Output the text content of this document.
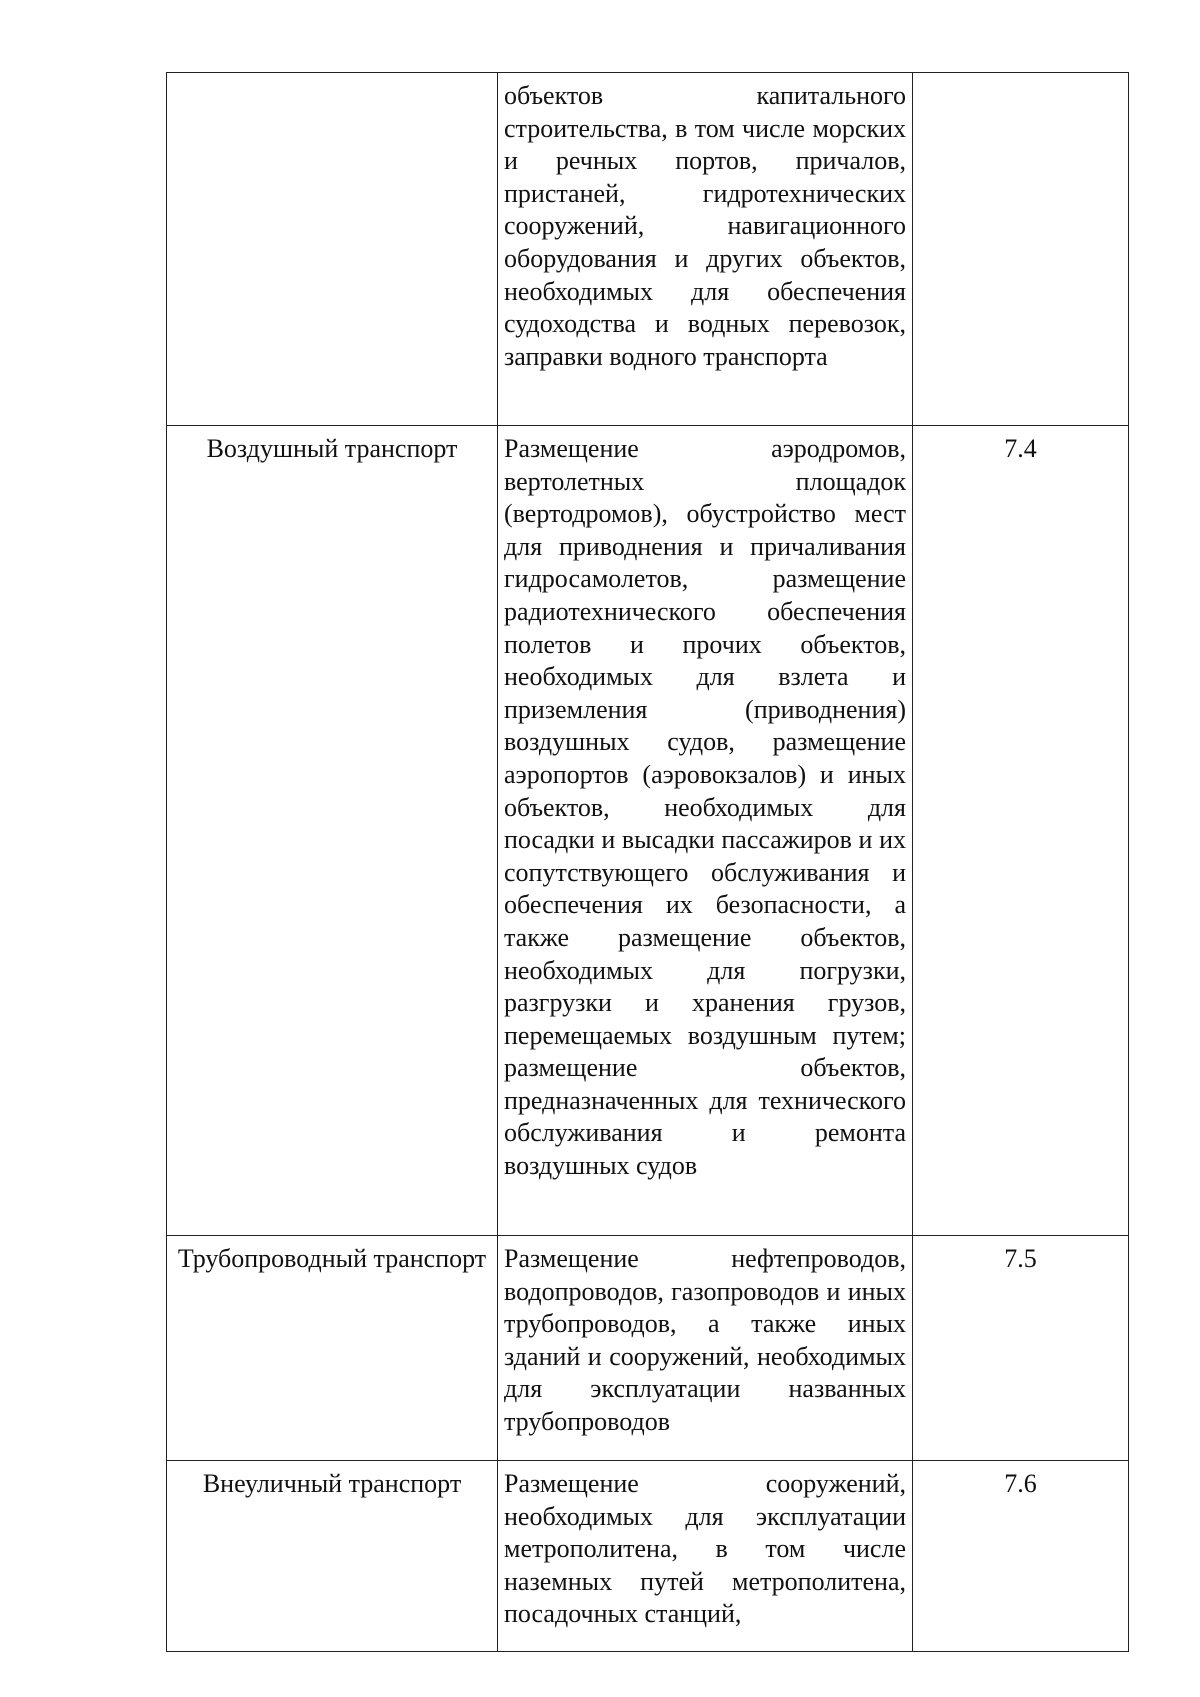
	объектов капитального строительства, в том числе морских и речных портов, причалов, пристаней, гидротехнических сооружений, навигационного оборудования и других объектов, необходимых для обеспечения судоходства и водных перевозок, заправки водного транспорта	
Воздушный транспорт	Размещение аэродромов, вертолетных площадок (вертодромов), обустройство мест для приводнения и причаливания гидросамолетов, размещение радиотехнического обеспечения полетов и прочих объектов, необходимых для взлета и приземления (приводнения) воздушных судов, размещение аэропортов (аэровокзалов) и иных объектов, необходимых для посадки и высадки пассажиров и их сопутствующего обслуживания и обеспечения их безопасности, а также размещение объектов, необходимых для погрузки, разгрузки и хранения грузов, перемещаемых воздушным путем; размещение объектов, предназначенных для технического обслуживания и ремонта воздушных судов	7.4
Трубопроводный транспорт	Размещение нефтепроводов, водопроводов, газопроводов и иных трубопроводов, а также иных зданий и сооружений, необходимых для эксплуатации названных трубопроводов	7.5
Внеуличный транспорт	Размещение сооружений, необходимых для эксплуатации метрополитена, в том числе наземных путей метрополитена, посадочных станций,	7.6
